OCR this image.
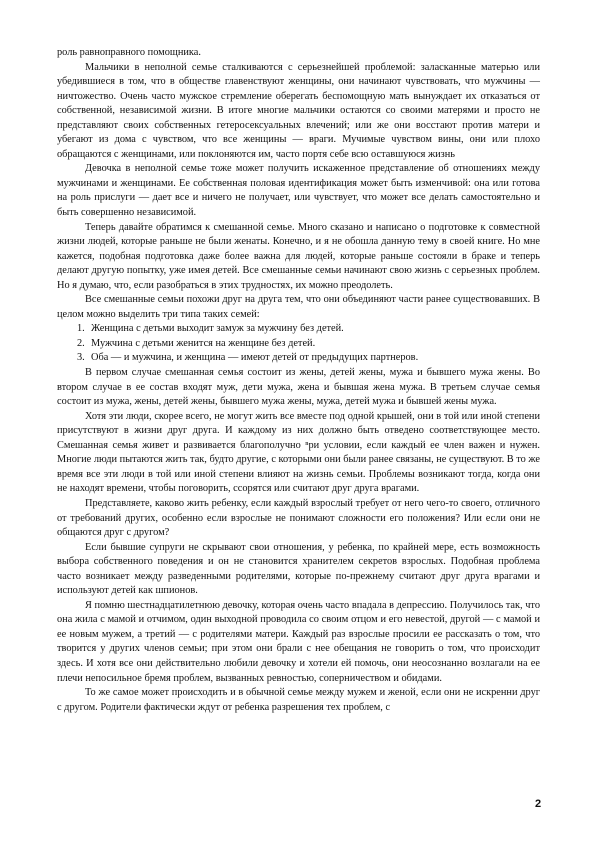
роль равноправного помощника.

Мальчики в неполной семье сталкиваются с серьезнейшей проблемой: заласканные матерью или убедившиеся в том, что в обществе главенствуют женщины, они начинают чувствовать, что мужчины — ничтожество. Очень часто мужское стремление оберегать беспомощную мать вынуждает их отказаться от собственной, независимой жизни. В итоге многие мальчики остаются со своими матерями и просто не представляют своих собственных гетеросексуальных влечений; или же они восстают против матери и убегают из дома с чувством, что все женщины — враги. Мучимые чувством вины, они или плохо обращаются с женщинами, или поклоняются им, часто портя себе всю оставшуюся жизнь

Девочка в неполной семье тоже может получить искаженное представление об отношениях между мужчинами и женщинами. Ее собственная половая идентификация может быть изменчивой: она или готова на роль прислуги — дает все и ничего не получает, или чувствует, что может все делать самостоятельно и быть совершенно независимой.

Теперь давайте обратимся к смешанной семье. Много сказано и написано о подготовке к совместной жизни людей, которые раньше не были женаты. Конечно, и я не обошла данную тему в своей книге. Но мне кажется, подобная подготовка даже более важна для людей, которые раньше состояли в браке и теперь делают другую попытку, уже имея детей. Все смешанные семьи начинают свою жизнь с серьезных проблем. Но я думаю, что, если разобраться в этих трудностях, их можно преодолеть.

Все смешанные семьи похожи друг на друга тем, что они объединяют части ранее существовавших. В целом можно выделить три типа таких семей:

1. Женщина с детьми выходит замуж за мужчину без детей.
2. Мужчина с детьми женится на женщине без детей.
3. Оба — и мужчина, и женщина — имеют детей от предыдущих партнеров.

В первом случае смешанная семья состоит из жены, детей жены, мужа и бывшего мужа жены. Во втором случае в ее состав входят муж, дети мужа, жена и бывшая жена мужа. В третьем случае семья состоит из мужа, жены, детей жены, бывшего мужа жены, мужа, детей мужа и бывшей жены мужа.

Хотя эти люди, скорее всего, не могут жить все вместе под одной крышей, они в той или иной степени присутствуют в жизни друг друга. И каждому из них должно быть отведено соответствующее место. Смешанная семья живет и развивается благополучно ⁿри условии, если каждый ее член важен и нужен. Многие люди пытаются жить так, будто другие, с которыми они были ранее связаны, не существуют. В то же время все эти люди в той или иной степени влияют на жизнь семьи. Проблемы возникают тогда, когда они не находят времени, чтобы поговорить, ссорятся или считают друг друга врагами.

Представляете, каково жить ребенку, если каждый взрослый требует от него чего-то своего, отличного от требований других, особенно если взрослые не понимают сложности его положения? Или если они не общаются друг с другом?

Если бывшие супруги не скрывают свои отношения, у ребенка, по крайней мере, есть возможность выбора собственного поведения и он не становится хранителем секретов взрослых. Подобная проблема часто возникает между разведенными родителями, которые по-прежнему считают друг друга врагами и используют детей как шпионов.

Я помню шестнадцатилетнюю девочку, которая очень часто впадала в депрессию. Получилось так, что она жила с мамой и отчимом, один выходной проводила со своим отцом и его невестой, другой — с мамой и ее новым мужем, а третий — с родителями матери. Каждый раз взрослые просили ее рассказать о том, что творится у других членов семьи; при этом они брали с нее обещания не говорить о том, что происходит здесь. И хотя все они действительно любили девочку и хотели ей помочь, они неосознанно возлагали на ее плечи непосильное бремя проблем, вызванных ревностью, соперничеством и обидами.

То же самое может происходить и в обычной семье между мужем и женой, если они не искренни друг с другом. Родители фактически ждут от ребенка разрешения тех проблем, с

2
